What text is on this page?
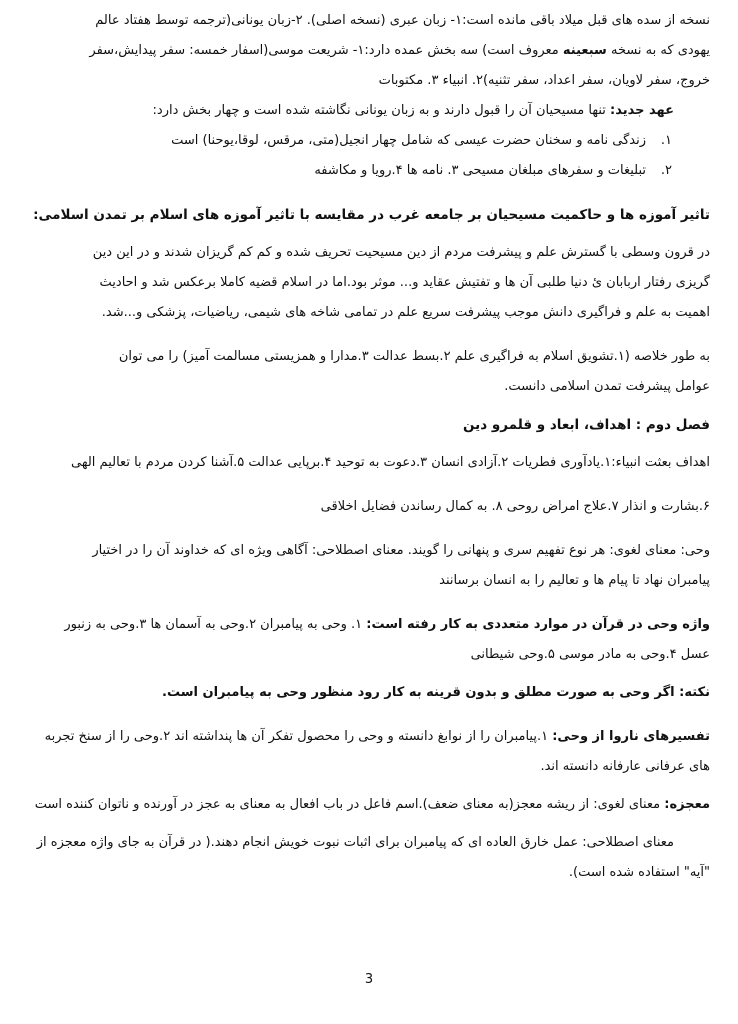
نسخه از سده های قبل میلاد باقی مانده است:۱- زبان عبری (نسخه اصلی). ۲-زبان یونانی(ترجمه توسط هفتاد عالم

یهودی که به نسخه سبعینه معروف است) سه بخش عمده دارد:۱- شریعت موسی(اسفار خمسه: سفر پیدایش،سفر

خروج، سفر لاویان، سفر اعداد، سفر تثنیه)۲. انبیاء ۳. مکتوبات

عهد جدید: تنها مسیحیان آن را قبول دارند و به زبان یونانی نگاشته شده است و چهار بخش دارد:

۱.
زندگی نامه و سخنان حضرت عیسی که شامل چهار انجیل(متی، مرقس، لوقا،یوحنا) است
۲.
تبلیغات و سفرهای مبلغان مسیحی ۳. نامه ها ۴.رویا و مکاشفه

تاثیر آموزه ها و حاکمیت مسیحیان بر جامعه غرب در مقایسه با تاثیر آموزه های اسلام بر تمدن اسلامی:

در قرون وسطی با گسترش علم و پیشرفت مردم از دین مسیحیت تحریف شده و کم کم گریزان شدند و در این دین

گریزی رفتار اربابان ئ دنیا طلبی آن ها و تفتیش عقاید و... موثر بود.اما در اسلام قضیه کاملا برعکس شد و احادیث

اهمیت به علم و فراگیری دانش موجب پیشرفت سریع علم در تمامی شاخه های شیمی، ریاضیات، پزشکی و...شد.

به طور خلاصه (۱.تشویق اسلام به فراگیری علم ۲.بسط عدالت ۳.مدارا و همزیستی مسالمت آمیز) را می توان

عوامل پیشرفت تمدن اسلامی دانست.

فصل دوم : اهداف، ابعاد و قلمرو دین

اهداف بعثت انبیاء:۱.یادآوری فطریات ۲.آزادی انسان ۳.دعوت به توحید ۴.برپایی عدالت ۵.آشنا کردن مردم با تعالیم الهی

۶.بشارت و انذار ۷.علاج امراض روحی ۸. به کمال رساندن فضایل اخلاقی

وحی: معنای لغوی: هر نوع تفهیم سری و پنهانی را گویند. معنای اصطلاحی: آگاهی ویژه ای که خداوند آن را در اختیار

پیامبران نهاد تا پیام ها و تعالیم را به انسان برسانند

واژه وحی در قرآن در موارد متعددی به کار رفته است: ۱. وحی به پیامبران ۲.وحی به آسمان ها ۳.وحی به زنبور

عسل ۴.وحی به مادر موسی ۵.وحی شیطانی

نکته: اگر وحی به صورت مطلق و بدون قرینه به کار رود منظور وحی به پیامبران است.

تفسیرهای ناروا از وحی: ۱.پیامبران را از نوابغ دانسته و وحی را محصول تفکر آن ها پنداشته اند ۲.وحی را از سنخ تجربه

های عرفانی عارفانه دانسته اند.

معجزه: معنای لغوی: از ریشه معجز(به معنای ضعف).اسم فاعل در باب افعال به معنای به عجز در آورنده و ناتوان کننده است

معنای اصطلاحی: عمل خارق العاده ای که پیامبران برای اثبات نبوت خویش انجام دهند.( در قرآن به جای واژه معجزه از

"آیه" استفاده شده است).

3
